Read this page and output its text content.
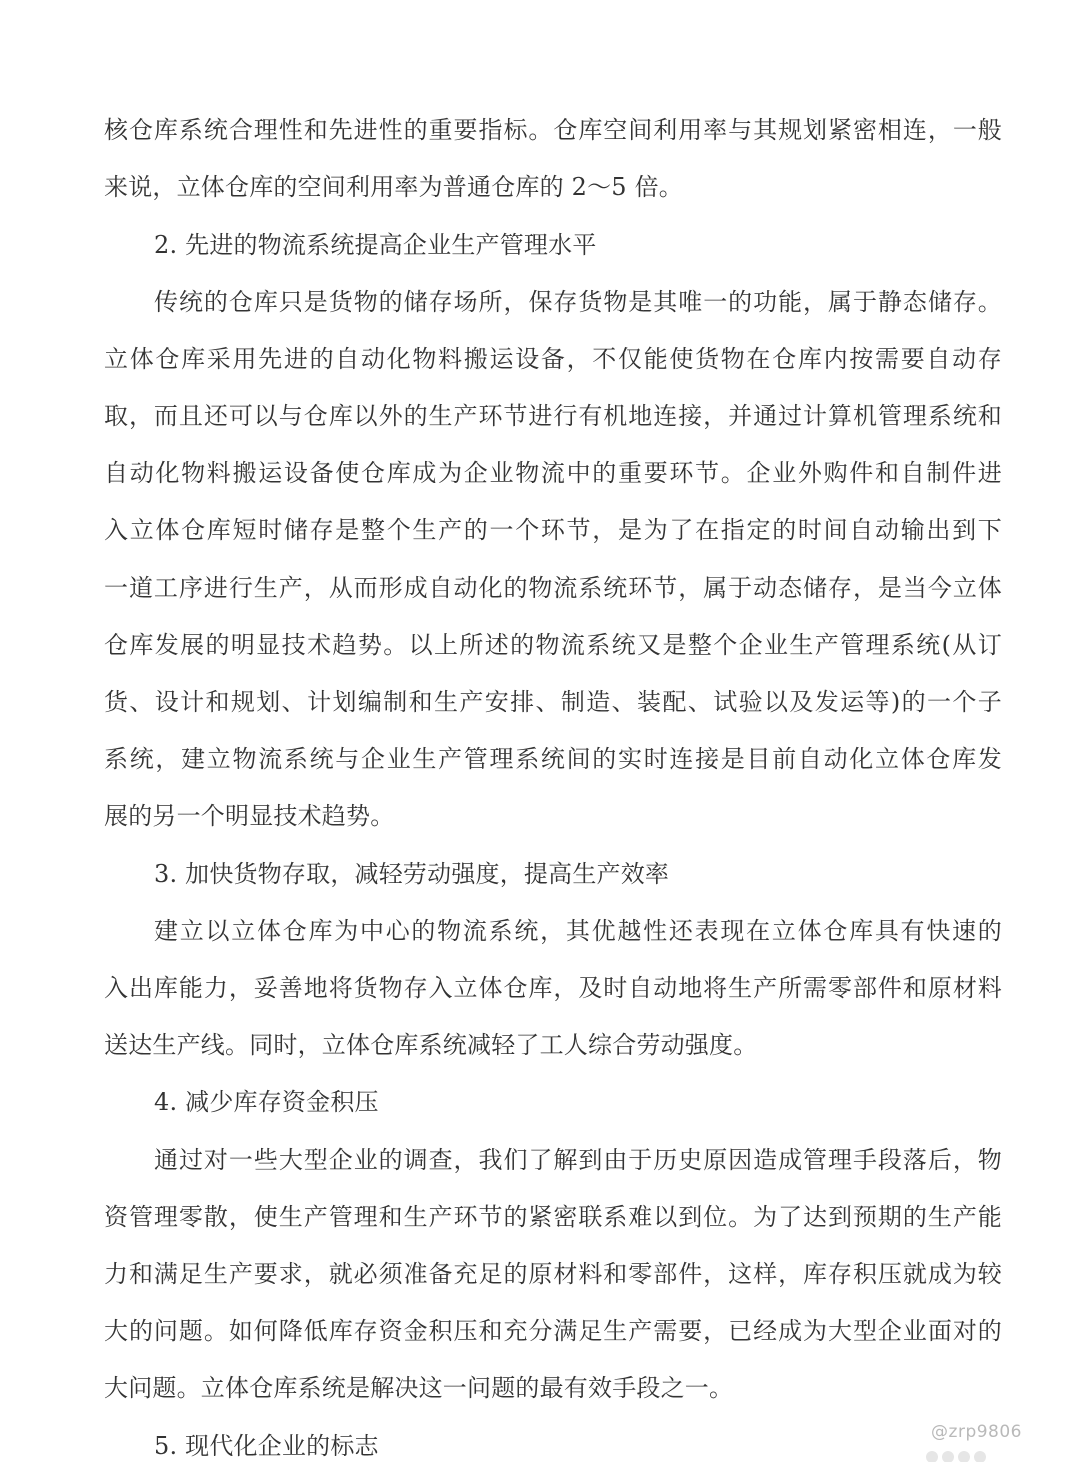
核仓库系统合理性和先进性的重要指标。仓库空间利用率与其规划紧密相连，一般
来说，立体仓库的空间利用率为普通仓库的 2～5 倍。
2. 先进的物流系统提高企业生产管理水平
传统的仓库只是货物的储存场所，保存货物是其唯一的功能，属于静态储存。
立体仓库采用先进的自动化物料搬运设备，不仅能使货物在仓库内按需要自动存
取，而且还可以与仓库以外的生产环节进行有机地连接，并通过计算机管理系统和
自动化物料搬运设备使仓库成为企业物流中的重要环节。企业外购件和自制件进
入立体仓库短时储存是整个生产的一个环节，是为了在指定的时间自动输出到下
一道工序进行生产，从而形成自动化的物流系统环节，属于动态储存，是当今立体
仓库发展的明显技术趋势。以上所述的物流系统又是整个企业生产管理系统(从订
货、设计和规划、计划编制和生产安排、制造、装配、试验以及发运等)的一个子
系统，建立物流系统与企业生产管理系统间的实时连接是目前自动化立体仓库发
展的另一个明显技术趋势。
3. 加快货物存取，减轻劳动强度，提高生产效率
建立以立体仓库为中心的物流系统，其优越性还表现在立体仓库具有快速的
入出库能力，妥善地将货物存入立体仓库，及时自动地将生产所需零部件和原材料
送达生产线。同时，立体仓库系统减轻了工人综合劳动强度。
4. 减少库存资金积压
通过对一些大型企业的调查，我们了解到由于历史原因造成管理手段落后，物
资管理零散，使生产管理和生产环节的紧密联系难以到位。为了达到预期的生产能
力和满足生产要求，就必须准备充足的原材料和零部件，这样，库存积压就成为较
大的问题。如何降低库存资金积压和充分满足生产需要，已经成为大型企业面对的
大问题。立体仓库系统是解决这一问题的最有效手段之一。
5. 现代化企业的标志	@zrp9806
